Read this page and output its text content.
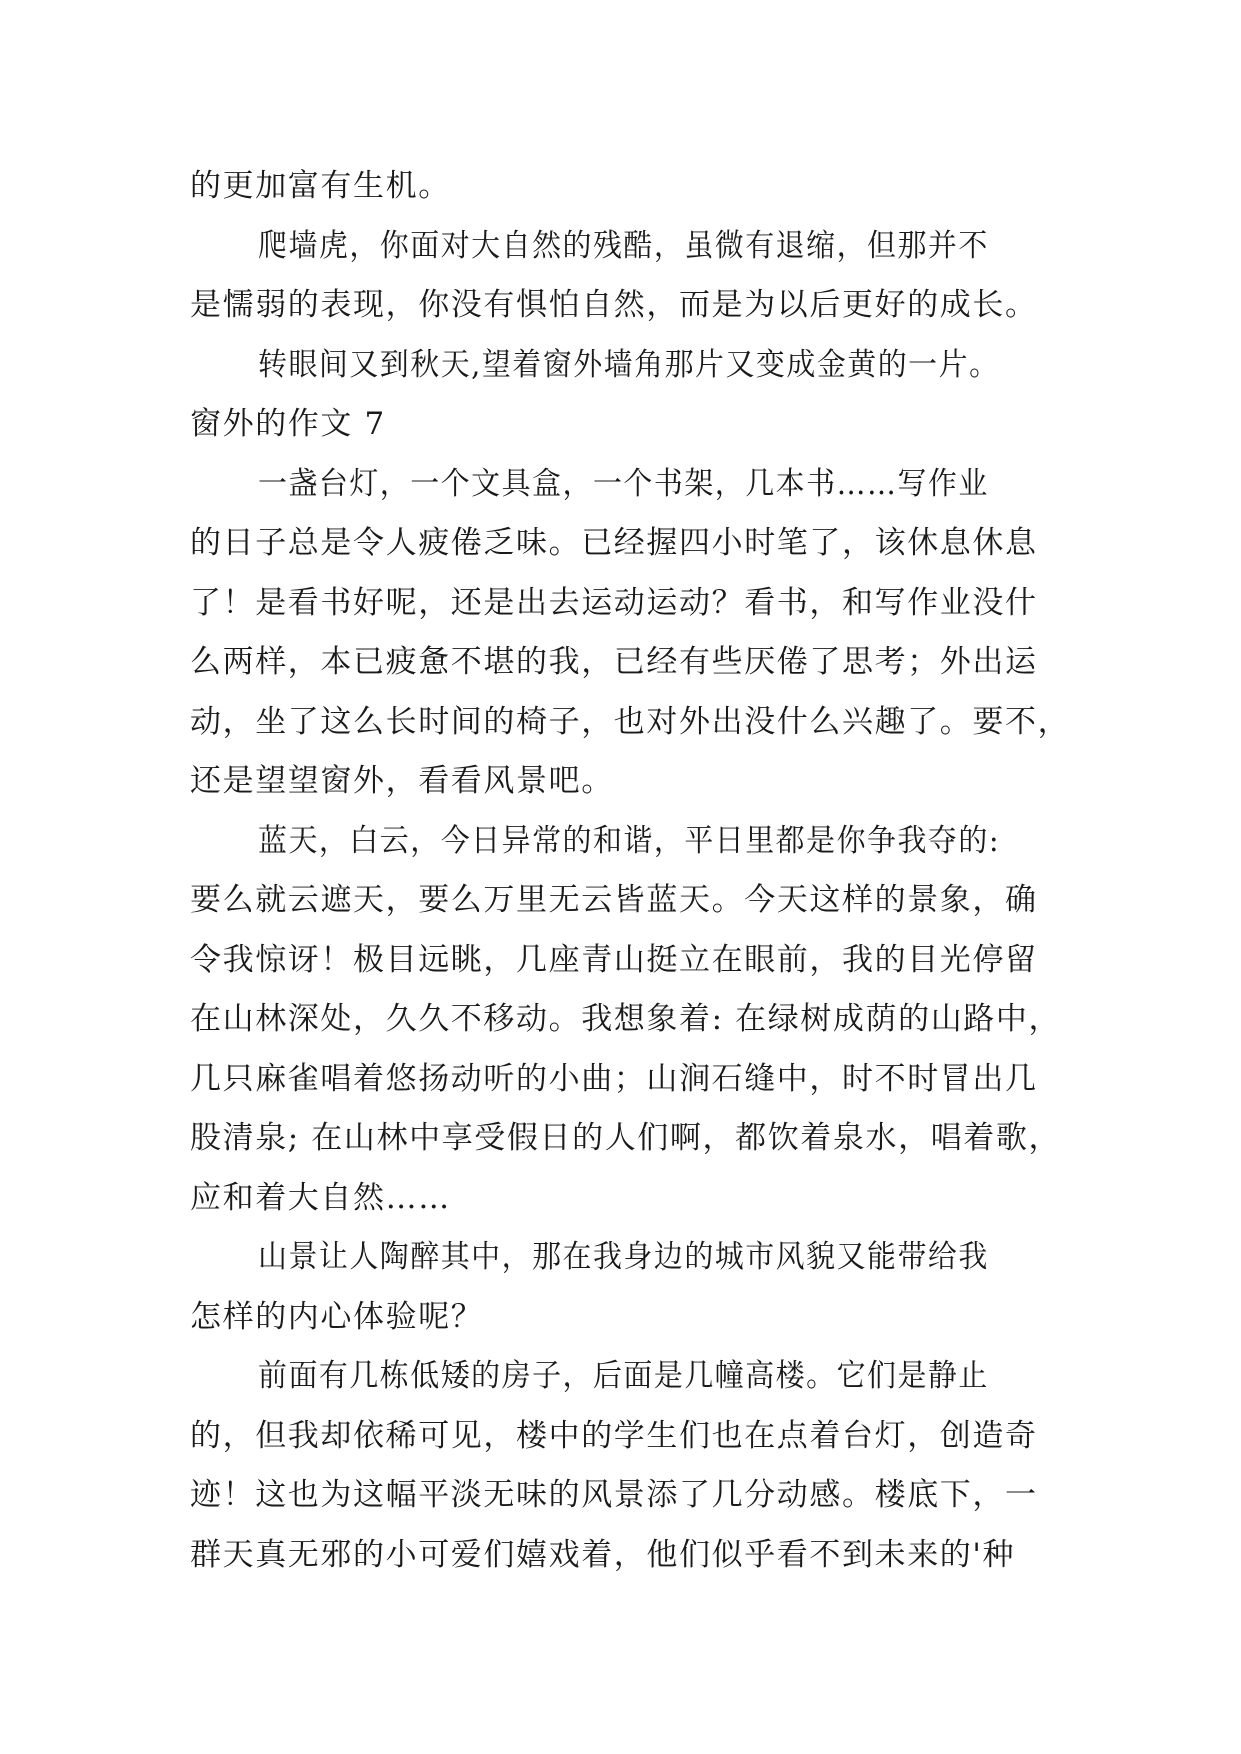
的更加富有生机。
爬墙虎，你面对大自然的残酷，虽微有退缩，但那并不
是懦弱的表现，你没有惧怕自然，而是为以后更好的成长。
转眼间又到秋天,望着窗外墙角那片又变成金黄的一片。
窗外的作文 7
一盏台灯，一个文具盒，一个书架，几本书……写作业
的日子总是令人疲倦乏味。已经握四小时笔了，该休息休息
了！是看书好呢，还是出去运动运动？看书，和写作业没什
么两样，本已疲惫不堪的我，已经有些厌倦了思考；外出运
动，坐了这么长时间的椅子，也对外出没什么兴趣了。要不，
还是望望窗外，看看风景吧。
蓝天，白云，今日异常的和谐，平日里都是你争我夺的:
要么就云遮天，要么万里无云皆蓝天。今天这样的景象，确
令我惊讶！极目远眺，几座青山挺立在眼前，我的目光停留
在山林深处，久久不移动。我想象着: 在绿树成荫的山路中，
几只麻雀唱着悠扬动听的小曲；山涧石缝中，时不时冒出几
股清泉; 在山林中享受假日的人们啊，都饮着泉水，唱着歌，
应和着大自然……
山景让人陶醉其中，那在我身边的城市风貌又能带给我
怎样的内心体验呢？
前面有几栋低矮的房子，后面是几幢高楼。它们是静止
的，但我却依稀可见，楼中的学生们也在点着台灯，创造奇
迹！这也为这幅平淡无味的风景添了几分动感。楼底下，一
群天真无邪的小可爱们嬉戏着，他们似乎看不到未来的'种
